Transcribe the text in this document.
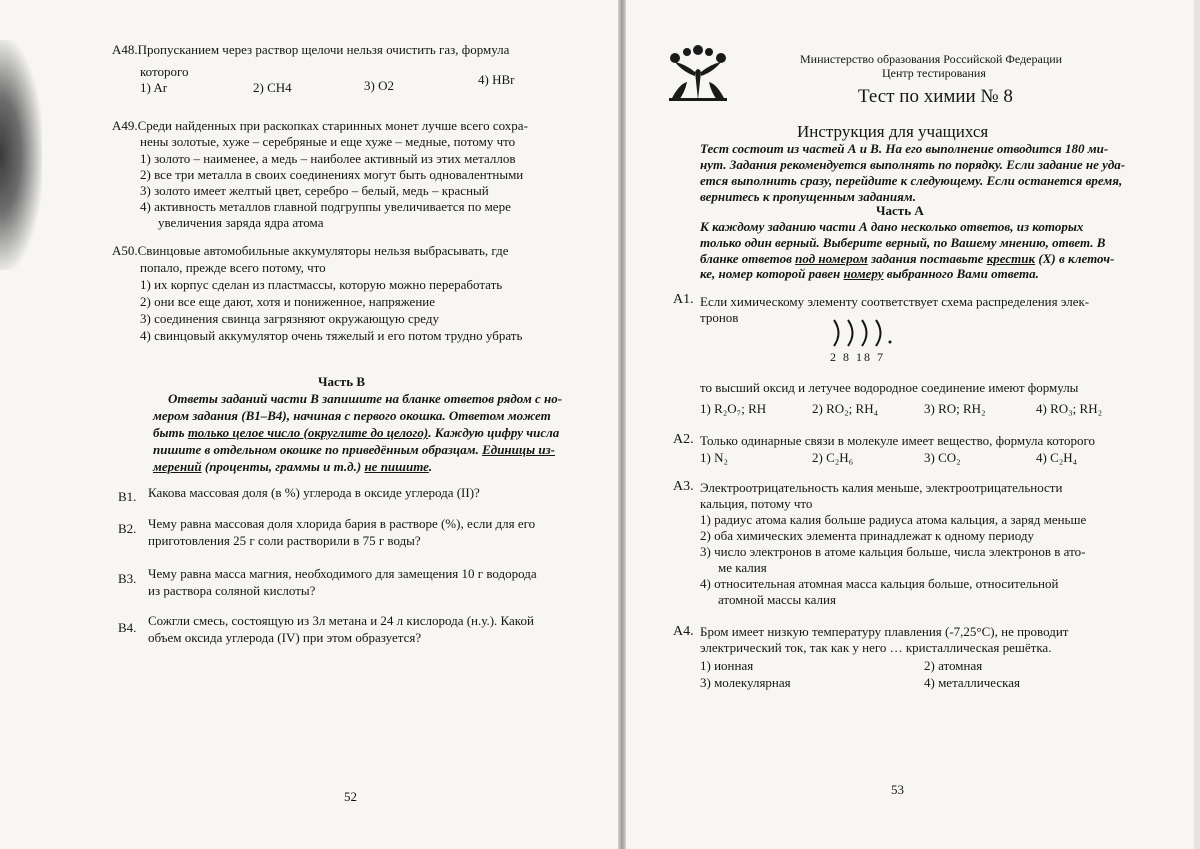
A48.Пропусканием через раствор щелочи нельзя очистить газ, формула
которого
1) Ar	2) CH4	3) O2	4) HBr
A49.Среди найденных при раскопках старинных монет лучше всего сохра-
нены золотые, хуже – серебряные и еще хуже – медные, потому что
1) золото – наименее, а медь – наиболее активный из этих металлов
2) все три металла в своих соединениях могут быть одновалентными
3) золото имеет желтый цвет, серебро – белый, медь – красный
4) активность металлов главной подгруппы увеличивается по мере
увеличения заряда ядра атома
A50.Свинцовые автомобильные аккумуляторы нельзя выбрасывать, где
попало, прежде всего потому, что
1) их корпус сделан из пластмассы, которую можно переработать
2) они все еще дают, хотя и пониженное, напряжение
3) соединения свинца загрязняют окружающую среду
4) свинцовый аккумулятор очень тяжелый и его потом трудно убрать
Часть В
Ответы заданий части В запишите на бланке ответов рядом с но-
мером задания (В1–В4), начиная с первого окошка. Ответом может
быть только целое число (округлите до целого). Каждую цифру числа
пишите в отдельном окошке по приведённым образцам. Единицы из-
мерений (проценты, граммы и т.д.) не пишите.
В1. Какова массовая доля (в %) углерода в оксиде углерода (II)?
В2. Чему равна массовая доля хлорида бария в растворе (%), если для его
приготовления 25 г соли растворили в 75 г воды?
В3. Чему равна масса магния, необходимого для замещения 10 г водорода
из раствора соляной кислоты?
В4. Сожгли смесь, состоящую из 3л метана и 24 л кислорода (н.у.). Какой
объем оксида углерода (IV) при этом образуется?
52
Министерство образования Российской Федерации
Центр тестирования
Тест по химии № 8
Инструкция для учащихся
Тест состоит из частей А и В. На его выполнение отводится 180 ми-
нут. Задания рекомендуется выполнять по порядку. Если задание не уда-
ется выполнить сразу, перейдите к следующему. Если останется время,
вернитесь к пропущенным заданиям.
Часть А
К каждому заданию части А дано несколько ответов, из которых
только один верный. Выберите верный, по Вашему мнению, ответ. В
бланке ответов под номером задания поставьте крестик (X) в клеточ-
ке, номер которой равен номеру выбранного Вами ответа.
A1. Если химическому элементу соответствует схема распределения элек-
тронов
2 8 18 7
то высший оксид и летучее водородное соединение имеют формулы
1) R₂O₇; RH	2) RO₂; RH₄	3) RO; RH₂	4) RO₃; RH₂
A2. Только одинарные связи в молекуле имеет вещество, формула которого
1) N₂	2) C₂H₆	3) CO₂	4) C₂H₄
A3. Электроотрицательность калия меньше, электроотрицательности
кальция, потому что
1) радиус атома калия больше радиуса атома кальция, а заряд меньше
2) оба химических элемента принадлежат к одному периоду
3) число электронов в атоме кальция больше, числа электронов в ато-
ме калия
4) относительная атомная масса кальция больше, относительной
атомной массы калия
A4. Бром имеет низкую температуру плавления (-7,25°С), не проводит
электрический ток, так как у него … кристаллическая решётка.
1) ионная	2) атомная
3) молекулярная	4) металлическая
53
